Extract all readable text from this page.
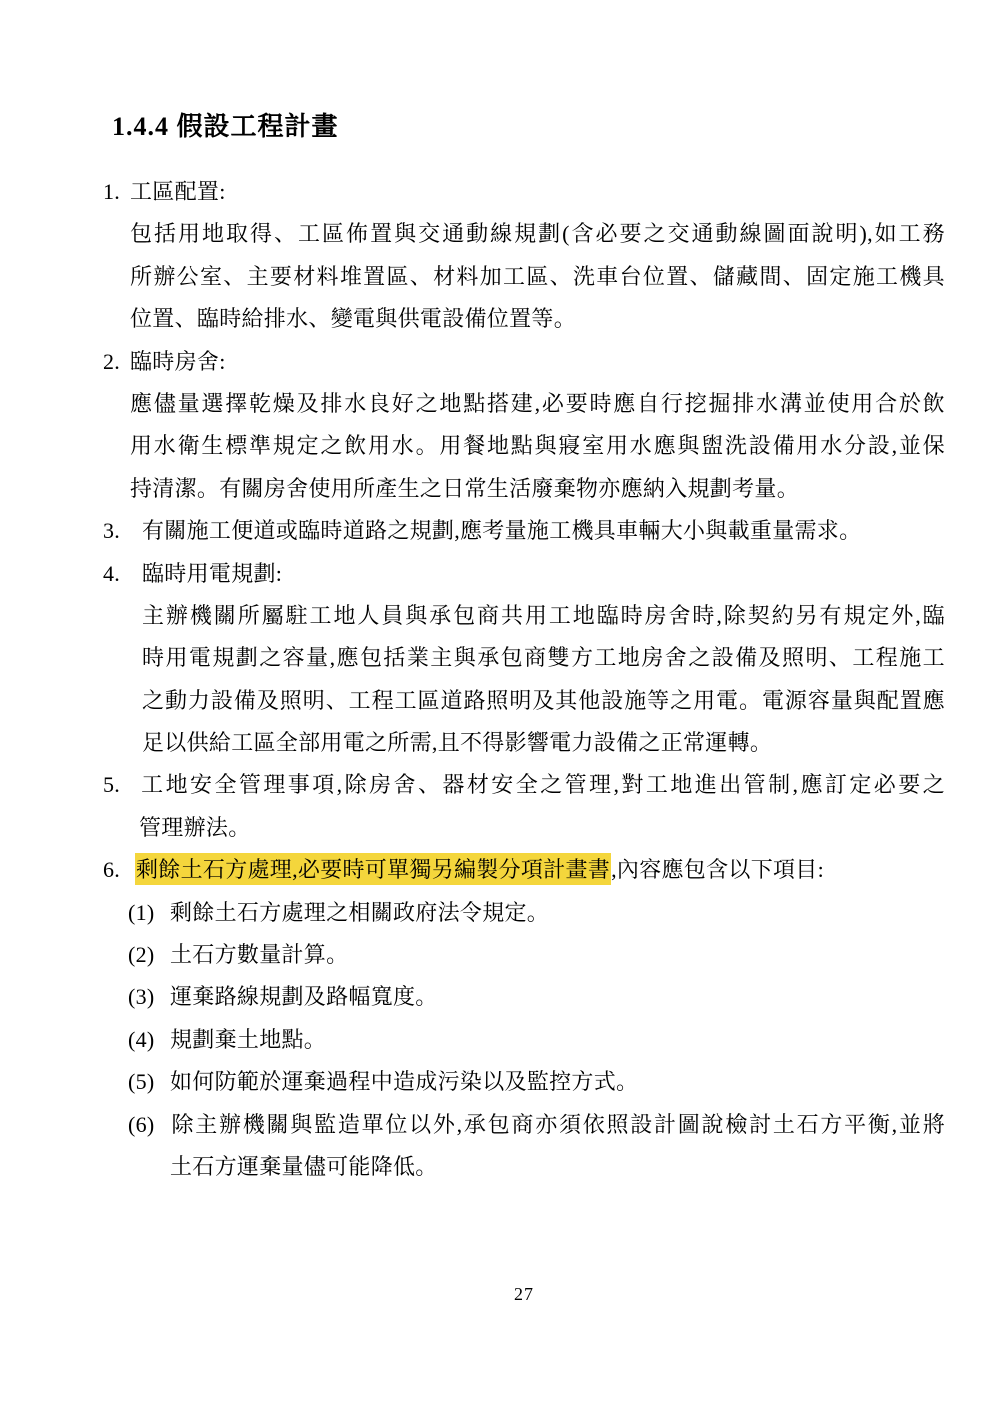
1.4.4 假設工程計畫
1. 工區配置:
包括用地取得、工區佈置與交通動線規劃(含必要之交通動線圖面說明),如工務
所辦公室、主要材料堆置區、材料加工區、洗車台位置、儲藏間、固定施工機具
位置、臨時給排水、變電與供電設備位置等。
2. 臨時房舍:
應儘量選擇乾燥及排水良好之地點搭建,必要時應自行挖掘排水溝並使用合於飲
用水衛生標準規定之飲用水。用餐地點與寢室用水應與盥洗設備用水分設,並保
持清潔。有關房舍使用所產生之日常生活廢棄物亦應納入規劃考量。
3. 有關施工便道或臨時道路之規劃,應考量施工機具車輛大小與載重量需求。
4. 臨時用電規劃:
主辦機關所屬駐工地人員與承包商共用工地臨時房舍時,除契約另有規定外,臨
時用電規劃之容量,應包括業主與承包商雙方工地房舍之設備及照明、工程施工
之動力設備及照明、工程工區道路照明及其他設施等之用電。電源容量與配置應
足以供給工區全部用電之所需,且不得影響電力設備之正常運轉。
5. 工地安全管理事項,除房舍、器材安全之管理,對工地進出管制,應訂定必要之
管理辦法。
6. 剩餘土石方處理,必要時可單獨另編製分項計畫書,內容應包含以下項目:
(1) 剩餘土石方處理之相關政府法令規定。
(2) 土石方數量計算。
(3) 運棄路線規劃及路幅寬度。
(4) 規劃棄土地點。
(5) 如何防範於運棄過程中造成污染以及監控方式。
(6) 除主辦機關與監造單位以外,承包商亦須依照設計圖說檢討土石方平衡,並將
土石方運棄量儘可能降低。
27
